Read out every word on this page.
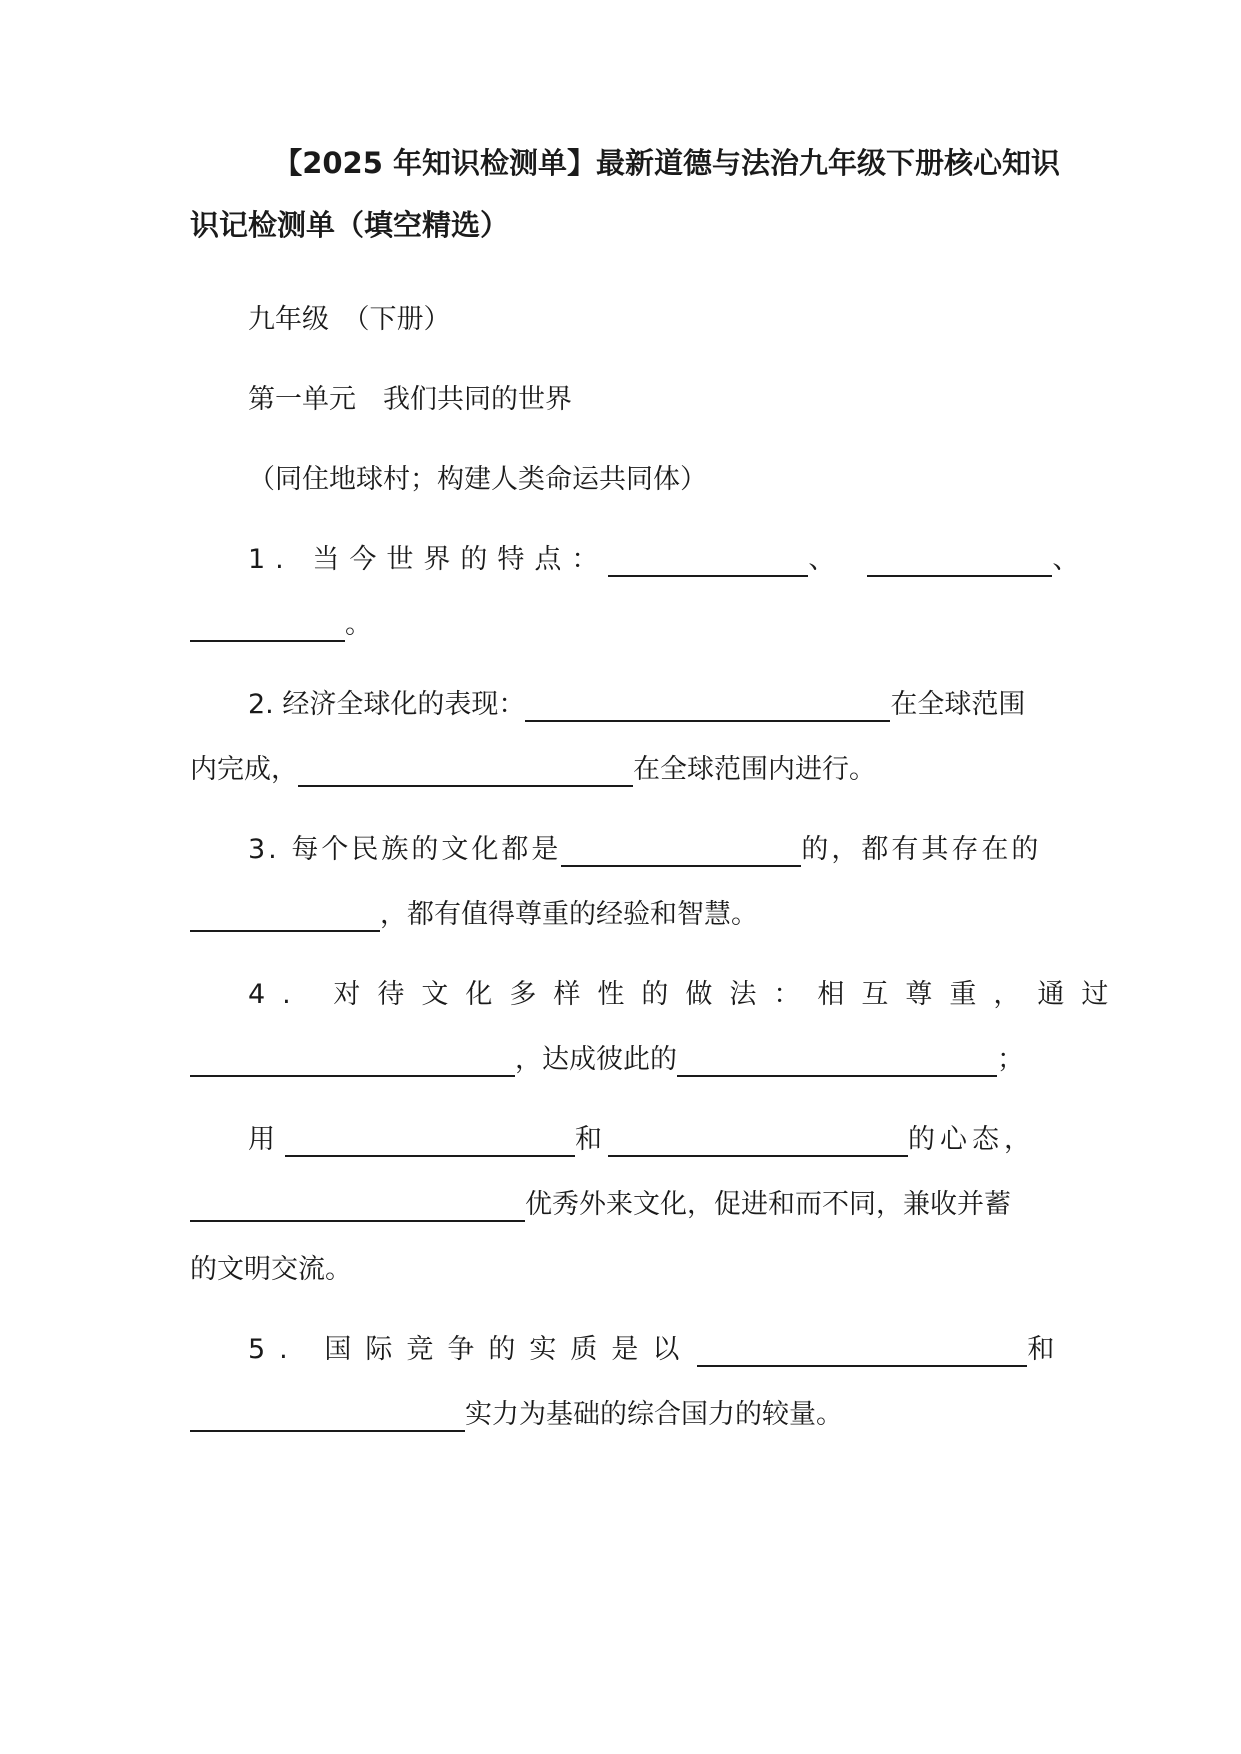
【2025 年知识检测单】最新道德与法治九年级下册核心知识
识记检测单（填空精选）
九年级　（下册）
第一单元　我们共同的世界
（同住地球村；构建人类命运共同体）
1. 当今世界的特点：	、	、
。
2. 经济全球化的表现：	在全球范围
内完成，	在全球范围内进行。
3. 每个民族的文化都是	的，都有其存在的
，都有值得尊重的经验和智慧。
4. 对待文化多样性的做法：相互尊重，通过
，达成彼此的	；
用	和	的心态，
优秀外来文化，促进和而不同，兼收并蓄
的文明交流。
5. 国际竞争的实质是以	和
实力为基础的综合国力的较量。
